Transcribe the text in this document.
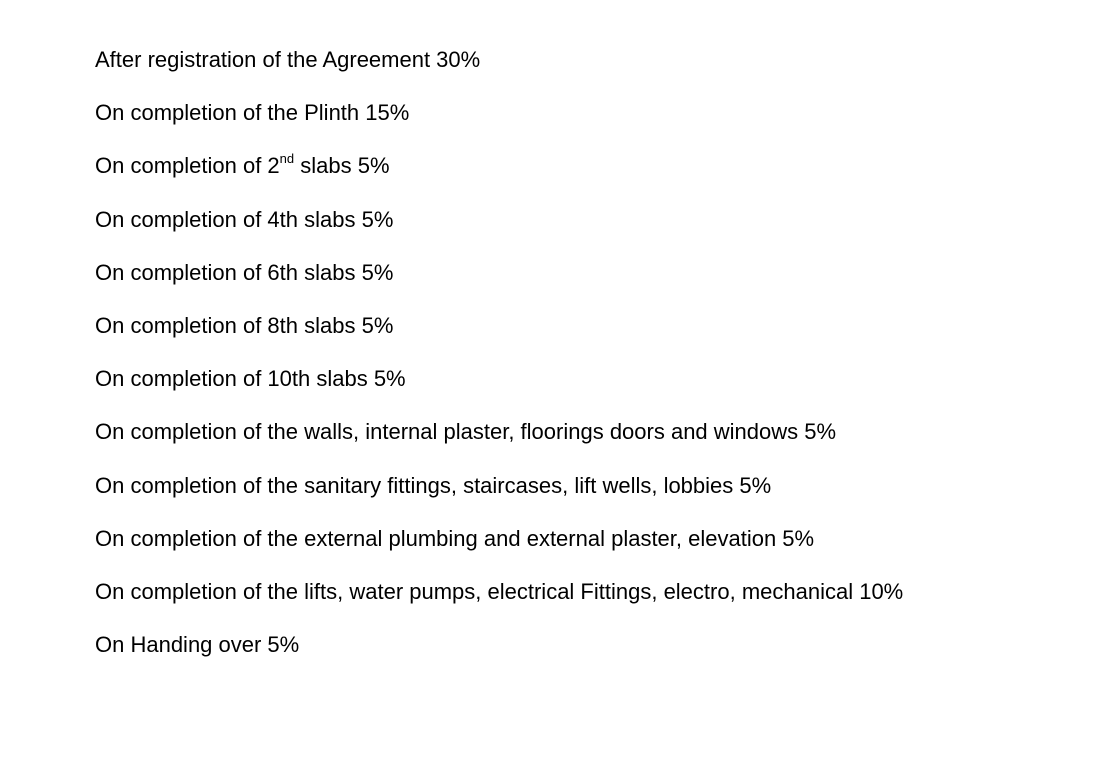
After registration of the Agreement 30%
On completion of the Plinth 15%
On completion of 2nd slabs 5%
On completion of 4th slabs 5%
On completion of 6th slabs 5%
On completion of 8th slabs 5%
On completion of 10th slabs 5%
On completion of the walls, internal plaster, floorings doors and windows 5%
On completion of the sanitary fittings, staircases, lift wells, lobbies 5%
On completion of the external plumbing and external plaster, elevation 5%
On completion of the lifts, water pumps, electrical Fittings, electro, mechanical 10%
On Handing over 5%
